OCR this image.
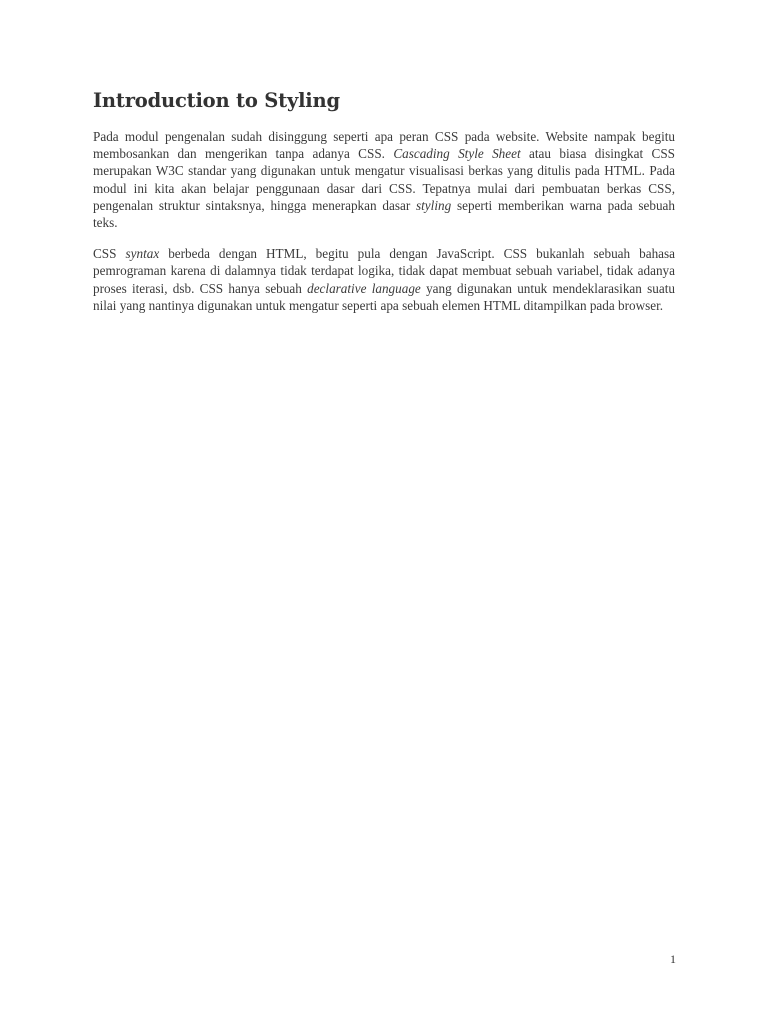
Introduction to Styling

Pada modul pengenalan sudah disinggung seperti apa peran CSS pada website. Website nampak begitu membosankan dan mengerikan tanpa adanya CSS. Cascading Style Sheet atau biasa disingkat CSS merupakan W3C standar yang digunakan untuk mengatur visualisasi berkas yang ditulis pada HTML. Pada modul ini kita akan belajar penggunaan dasar dari CSS. Tepatnya mulai dari pembuatan berkas CSS, pengenalan struktur sintaksnya, hingga menerapkan dasar styling seperti memberikan warna pada sebuah teks.

CSS syntax berbeda dengan HTML, begitu pula dengan JavaScript. CSS bukanlah sebuah bahasa pemrograman karena di dalamnya tidak terdapat logika, tidak dapat membuat sebuah variabel, tidak adanya proses iterasi, dsb. CSS hanya sebuah declarative language yang digunakan untuk mendeklarasikan suatu nilai yang nantinya digunakan untuk mengatur seperti apa sebuah elemen HTML ditampilkan pada browser.

1
